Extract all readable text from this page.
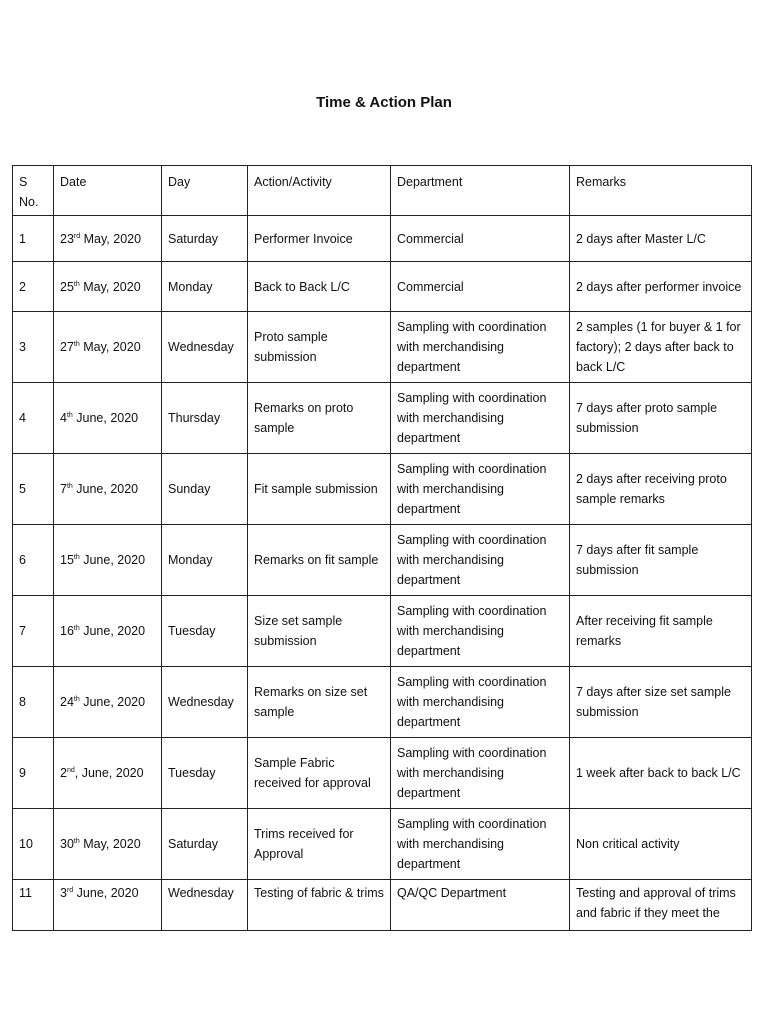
Time & Action Plan
S No.	Date	Day	Action/Activity	Department	Remarks
1	23rd May, 2020	Saturday	Performer Invoice	Commercial	2 days after Master L/C
2	25th May, 2020	Monday	Back to Back L/C	Commercial	2 days after performer invoice
3	27th May, 2020	Wednesday	Proto sample submission	Sampling with coordination with merchandising department	2 samples (1 for buyer & 1 for factory); 2 days after back to back L/C
4	4th June, 2020	Thursday	Remarks on proto sample	Sampling with coordination with merchandising department	7 days after proto sample submission
5	7th June, 2020	Sunday	Fit sample submission	Sampling with coordination with merchandising department	2 days after receiving proto sample remarks
6	15th June, 2020	Monday	Remarks on fit sample	Sampling with coordination with merchandising department	7 days after fit sample submission
7	16th June, 2020	Tuesday	Size set sample submission	Sampling with coordination with merchandising department	After receiving fit sample remarks
8	24th June, 2020	Wednesday	Remarks on size set sample	Sampling with coordination with merchandising department	7 days after size set sample submission
9	2nd, June, 2020	Tuesday	Sample Fabric received for approval	Sampling with coordination with merchandising department	1 week after back to back L/C
10	30th May, 2020	Saturday	Trims received for Approval	Sampling with coordination with merchandising department	Non critical activity
11	3rd June, 2020	Wednesday	Testing of fabric & trims	QA/QC Department	Testing and approval of trims and fabric if they meet the
